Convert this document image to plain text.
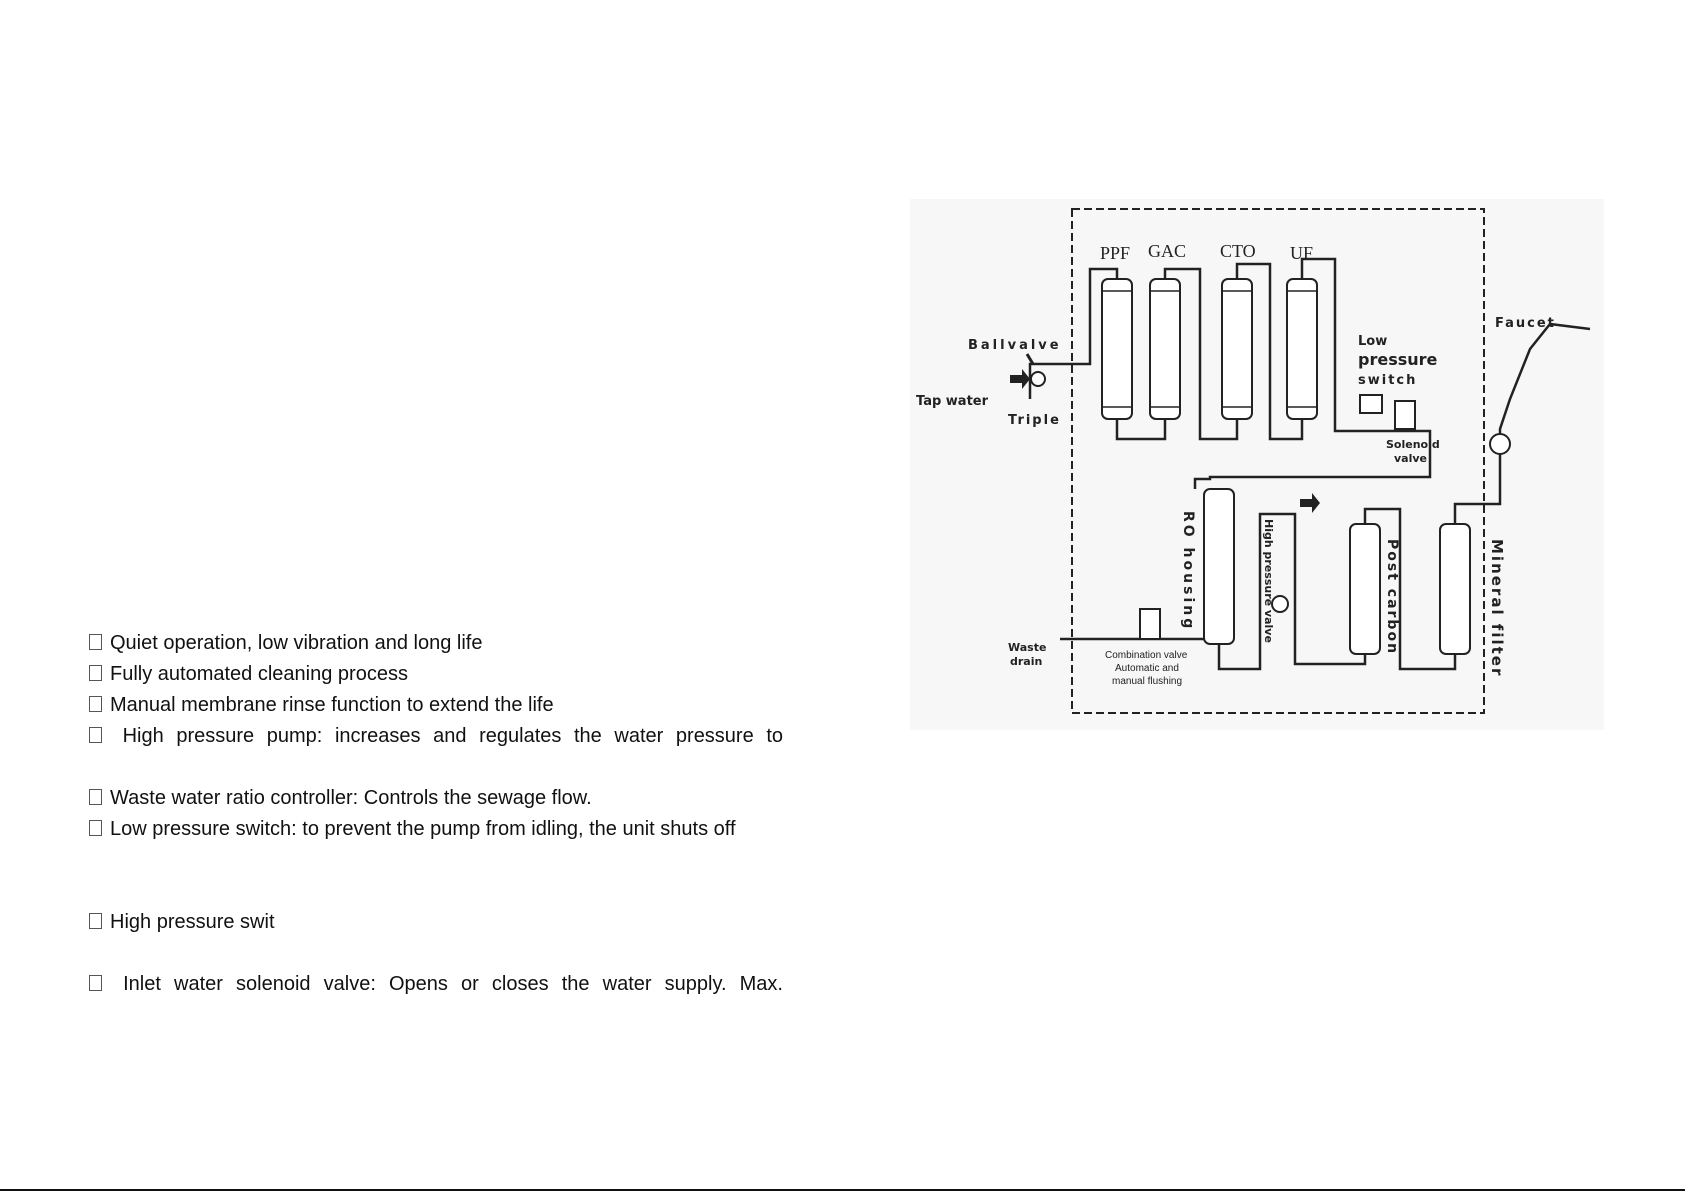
Quiet operation, low vibration and long life
Fully automated cleaning process
Manual membrane rinse function to extend the life
High pressure pump: increases and regulates the water pressure to
Waste water ratio controller: Controls the sewage flow.
Low pressure switch: to prevent the pump from idling, the unit shuts off
High pressure swit
Inlet water solenoid valve: Opens or closes the water supply. Max.
PPF GAC CTO UF
Ballvalve
Tap water
Triple
Low
pressure
switch
Solenoid
valve
Faucet
RO housing	High pressure valve	Post carbon	Mineral filter
Waste
drain	Combination valve
Automatic and
manual flushing
